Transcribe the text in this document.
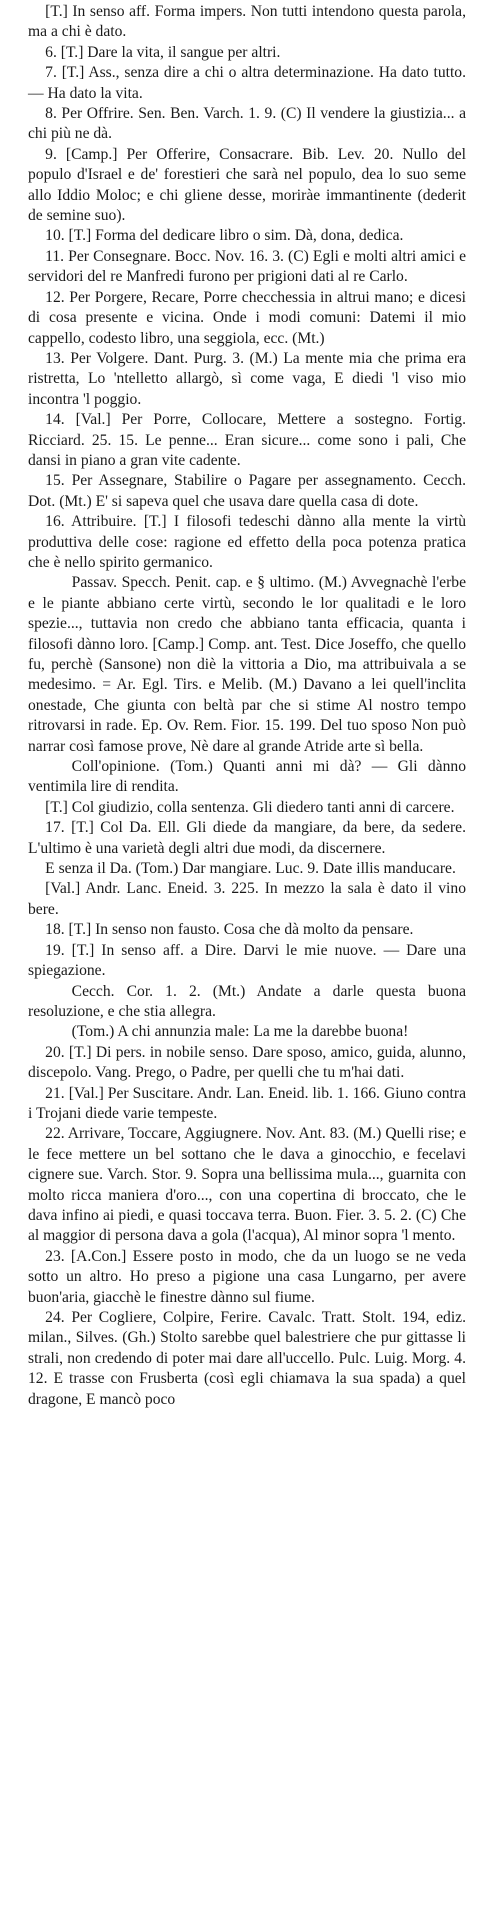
[T.] In senso aff. Forma impers. Non tutti intendono questa parola, ma a chi è dato.

6. [T.] Dare la vita, il sangue per altri.

7. [T.] Ass., senza dire a chi o altra determinazione. Ha dato tutto. — Ha dato la vita.

8. Per Offrire. Sen. Ben. Varch. 1. 9. (C) Il vendere la giustizia... a chi più ne dà.

9. [Camp.] Per Offerire, Consacrare. Bib. Lev. 20. Nullo del populo d'Israel e de' forestieri che sarà nel populo, dea lo suo seme allo Iddio Moloc; e chi gliene desse, moriràe immantinente (dederit de semine suo).

10. [T.] Forma del dedicare libro o sim. Dà, dona, dedica.

11. Per Consegnare. Bocc. Nov. 16. 3. (C) Egli e molti altri amici e servidori del re Manfredi furono per prigioni dati al re Carlo.

12. Per Porgere, Recare, Porre checchessia in altrui mano; e dicesi di cosa presente e vicina. Onde i modi comuni: Datemi il mio cappello, codesto libro, una seggiola, ecc. (Mt.)

13. Per Volgere. Dant. Purg. 3. (M.) La mente mia che prima era ristretta, Lo 'ntelletto allargò, sì come vaga, E diedi 'l viso mio incontra 'l poggio.

14. [Val.] Per Porre, Collocare, Mettere a sostegno. Fortig. Ricciard. 25. 15. Le penne... Eran sicure... come sono i pali, Che dansi in piano a gran vite cadente.

15. Per Assegnare, Stabilire o Pagare per assegnamento. Cecch. Dot. (Mt.) E' si sapeva quel che usava dare quella casa di dote.

16. Attribuire. [T.] I filosofi tedeschi dànno alla mente la virtù produttiva delle cose: ragione ed effetto della poca potenza pratica che è nello spirito germanico.

Passav. Specch. Penit. cap. e § ultimo. (M.) Avvegnachè l'erbe e le piante abbiano certe virtù, secondo le lor qualitadi e le loro spezie..., tuttavia non credo che abbiano tanta efficacia, quanta i filosofi dànno loro. [Camp.] Comp. ant. Test. Dice Joseffo, che quello fu, perchè (Sansone) non diè la vittoria a Dio, ma attribuivala a se medesimo. = Ar. Egl. Tirs. e Melib. (M.) Davano a lei quell'inclita onestade, Che giunta con beltà par che si stime Al nostro tempo ritrovarsi in rade. Ep. Ov. Rem. Fior. 15. 199. Del tuo sposo Non può narrar così famose prove, Nè dare al grande Atride arte sì bella.

Coll'opinione. (Tom.) Quanti anni mi dà? — Gli dànno ventimila lire di rendita.

[T.] Col giudizio, colla sentenza. Gli diedero tanti anni di carcere.

17. [T.] Col Da. Ell. Gli diede da mangiare, da bere, da sedere. L'ultimo è una varietà degli altri due modi, da discernere.

E senza il Da. (Tom.) Dar mangiare. Luc. 9. Date illis manducare.

[Val.] Andr. Lanc. Eneid. 3. 225. In mezzo la sala è dato il vino bere.

18. [T.] In senso non fausto. Cosa che dà molto da pensare.

19. [T.] In senso aff. a Dire. Darvi le mie nuove. — Dare una spiegazione.

Cecch. Cor. 1. 2. (Mt.) Andate a darle questa buona resoluzione, e che stia allegra.

(Tom.) A chi annunzia male: La me la darebbe buona!

20. [T.] Di pers. in nobile senso. Dare sposo, amico, guida, alunno, discepolo. Vang. Prego, o Padre, per quelli che tu m'hai dati.

21. [Val.] Per Suscitare. Andr. Lan. Eneid. lib. 1. 166. Giuno contra i Trojani diede varie tempeste.

22. Arrivare, Toccare, Aggiugnere. Nov. Ant. 83. (M.) Quelli rise; e le fece mettere un bel sottano che le dava a ginocchio, e fecelavi cignere sue. Varch. Stor. 9. Sopra una bellissima mula..., guarnita con molto ricca maniera d'oro..., con una copertina di broccato, che le dava infino ai piedi, e quasi toccava terra. Buon. Fier. 3. 5. 2. (C) Che al maggior di persona dava a gola (l'acqua), Al minor sopra 'l mento.

23. [A.Con.] Essere posto in modo, che da un luogo se ne veda sotto un altro. Ho preso a pigione una casa Lungarno, per avere buon'aria, giacchè le finestre dànno sul fiume.

24. Per Cogliere, Colpire, Ferire. Cavalc. Tratt. Stolt. 194, ediz. milan., Silves. (Gh.) Stolto sarebbe quel balestriere che pur gittasse li strali, non credendo di poter mai dare all'uccello. Pulc. Luig. Morg. 4. 12. E trasse con Frusberta (così egli chiamava la sua spada) a quel dragone, E mancò poco
